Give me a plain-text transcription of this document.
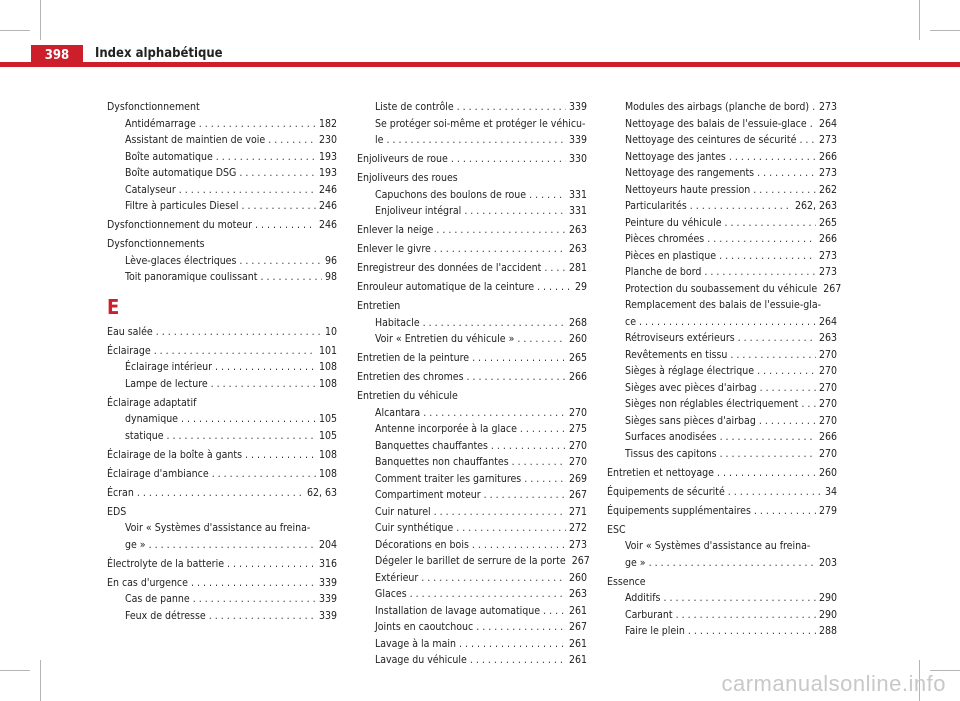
398	Index alphabétique
Dysfonctionnement
Antidémarrage . . .	182
Assistant de maintien de voie . . .	230
Boîte automatique . . .	193
Boîte automatique DSG . . .	193
Catalyseur . . .	246
Filtre à particules Diesel . . .	246
Dysfonctionnement du moteur . . .	246
Dysfonctionnements
Lève-glaces électriques . . .	96
Toit panoramique coulissant . . .	98
E
Eau salée . . .	10
Éclairage . . .	101
Éclairage intérieur . . .	108
Lampe de lecture . . .	108
Éclairage adaptatif
dynamique . . .	105
statique . . .	105
Éclairage de la boîte à gants . . .	108
Éclairage d'ambiance . . .	108
Écran . . .	62, 63
EDS
Voir « Systèmes d'assistance au freina-
ge » . . .	204
Électrolyte de la batterie . . .	316
En cas d'urgence . . .	339
Cas de panne . . .	339
Feux de détresse . . .	339
Liste de contrôle . . .	339
Se protéger soi-même et protéger le véhicu-
le . . .	339
Enjoliveurs de roue . . .	330
Enjoliveurs des roues
Capuchons des boulons de roue . . .	331
Enjoliveur intégral . . .	331
Enlever la neige . . .	263
Enlever le givre . . .	263
Enregistreur des données de l'accident . . .	281
Enrouleur automatique de la ceinture . . .	29
Entretien
Habitacle . . .	268
Voir « Entretien du véhicule » . . .	260
Entretien de la peinture . . .	265
Entretien des chromes . . .	266
Entretien du véhicule
Alcantara . . .	270
Antenne incorporée à la glace . . .	275
Banquettes chauffantes . . .	270
Banquettes non chauffantes . . .	270
Comment traiter les garnitures . . .	269
Compartiment moteur . . .	267
Cuir naturel . . .	271
Cuir synthétique . . .	272
Décorations en bois . . .	273
Dégeler le barillet de serrure de la porte 267
Extérieur . . .	260
Glaces . . .	263
Installation de lavage automatique . . .	261
Joints en caoutchouc . . .	267
Lavage à la main . . .	261
Lavage du véhicule . . .	261
Modules des airbags (planche de bord) . . . 273
Nettoyage des balais de l'essuie-glace . . . 264
Nettoyage des ceintures de sécurité . . . 273
Nettoyage des jantes . . .	266
Nettoyage des rangements . . .	273
Nettoyeurs haute pression . . .	262
Particularités . . .	262, 263
Peinture du véhicule . . .	265
Pièces chromées . . .	266
Pièces en plastique . . .	273
Planche de bord . . .	273
Protection du soubassement du véhicule 267
Remplacement des balais de l'essuie-gla-
ce . . .	264
Rétroviseurs extérieurs . . .	263
Revêtements en tissu . . .	270
Sièges à réglage électrique . . .	270
Sièges avec pièces d'airbag . . .	270
Sièges non réglables électriquement . . . 270
Sièges sans pièces d'airbag . . .	270
Surfaces anodisées . . .	266
Tissus des capitons . . .	270
Entretien et nettoyage . . .	260
Équipements de sécurité . . .	34
Équipements supplémentaires . . .	279
ESC
Voir « Systèmes d'assistance au freina-
ge » . . .	203
Essence
Additifs . . .	290
Carburant . . .	290
Faire le plein . . .	288
carmanualsonline.info
